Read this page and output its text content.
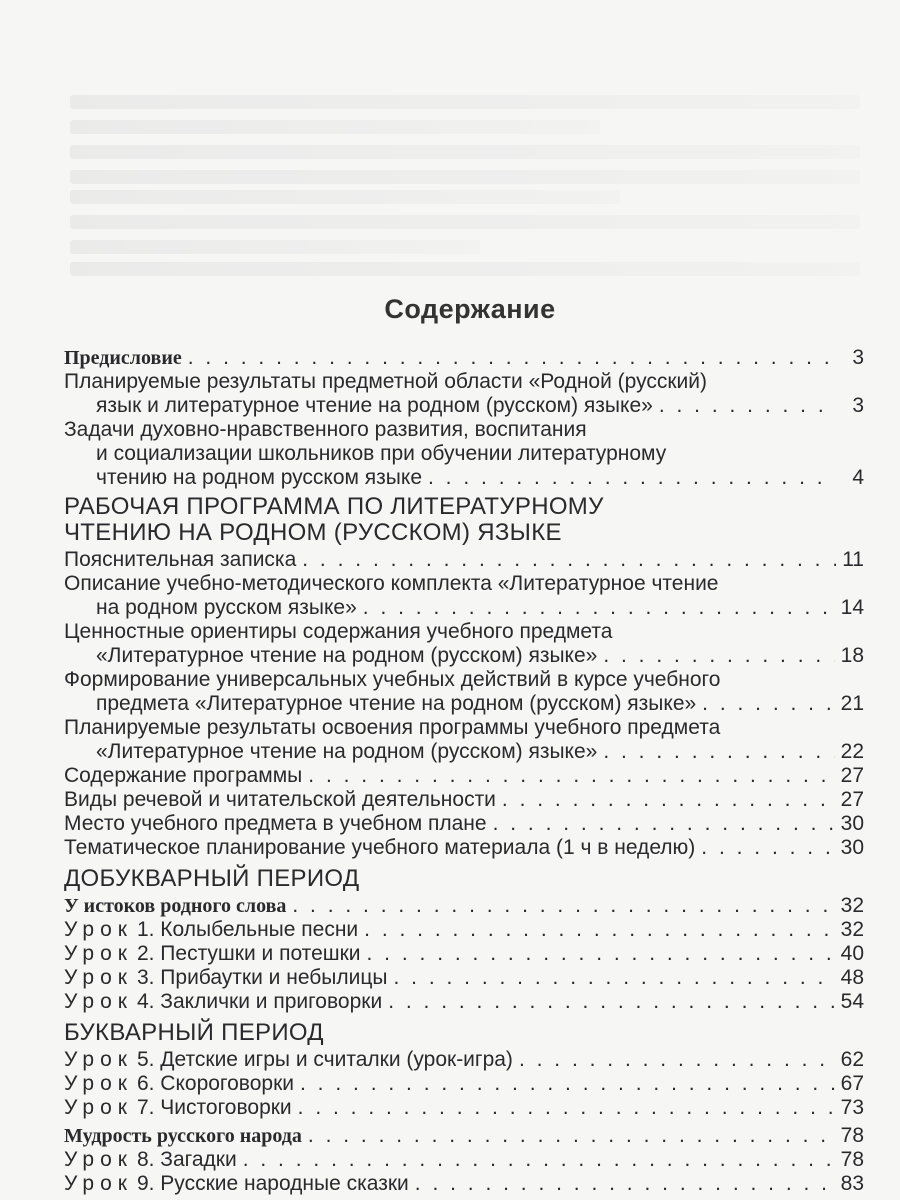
Содержание
Предисловие . . .	3
Планируемые результаты предметной области «Родной (русский)
язык и литературное чтение на родном (русском) языке» . . .	3
Задачи духовно-нравственного развития, воспитания
и социализации школьников при обучении литературному
чтению на родном русском языке . . .	4
РАБОЧАЯ ПРОГРАММА ПО ЛИТЕРАТУРНОМУ
ЧТЕНИЮ НА РОДНОМ (РУССКОМ) ЯЗЫКЕ
Пояснительная записка . . .	11
Описание учебно-методического комплекта «Литературное чтение
на родном русском языке» . . .	14
Ценностные ориентиры содержания учебного предмета
«Литературное чтение на родном (русском) языке» . . .	18
Формирование универсальных учебных действий в курсе учебного
предмета «Литературное чтение на родном (русском) языке» . . .	21
Планируемые результаты освоения программы учебного предмета
«Литературное чтение на родном (русском) языке» . . .	22
Содержание программы . . .	27
Виды речевой и читательской деятельности . . .	27
Место учебного предмета в учебном плане . . .	30
Тематическое планирование учебного материала (1 ч в неделю) . . .	30
ДОБУКВАРНЫЙ ПЕРИОД
У истоков родного слова . . .	32
Урок 1. Колыбельные песни . . .	32
Урок 2. Пестушки и потешки . . .	40
Урок 3. Прибаутки и небылицы . . .	48
Урок 4. Заклички и приговорки . . .	54
БУКВАРНЫЙ ПЕРИОД
Урок 5. Детские игры и считалки (урок-игра) . . .	62
Урок 6. Скороговорки . . .	67
Урок 7. Чистоговорки . . .	73
Мудрость русского народа . . .	78
Урок 8. Загадки . . .	78
Урок 9. Русские народные сказки . . .	83
